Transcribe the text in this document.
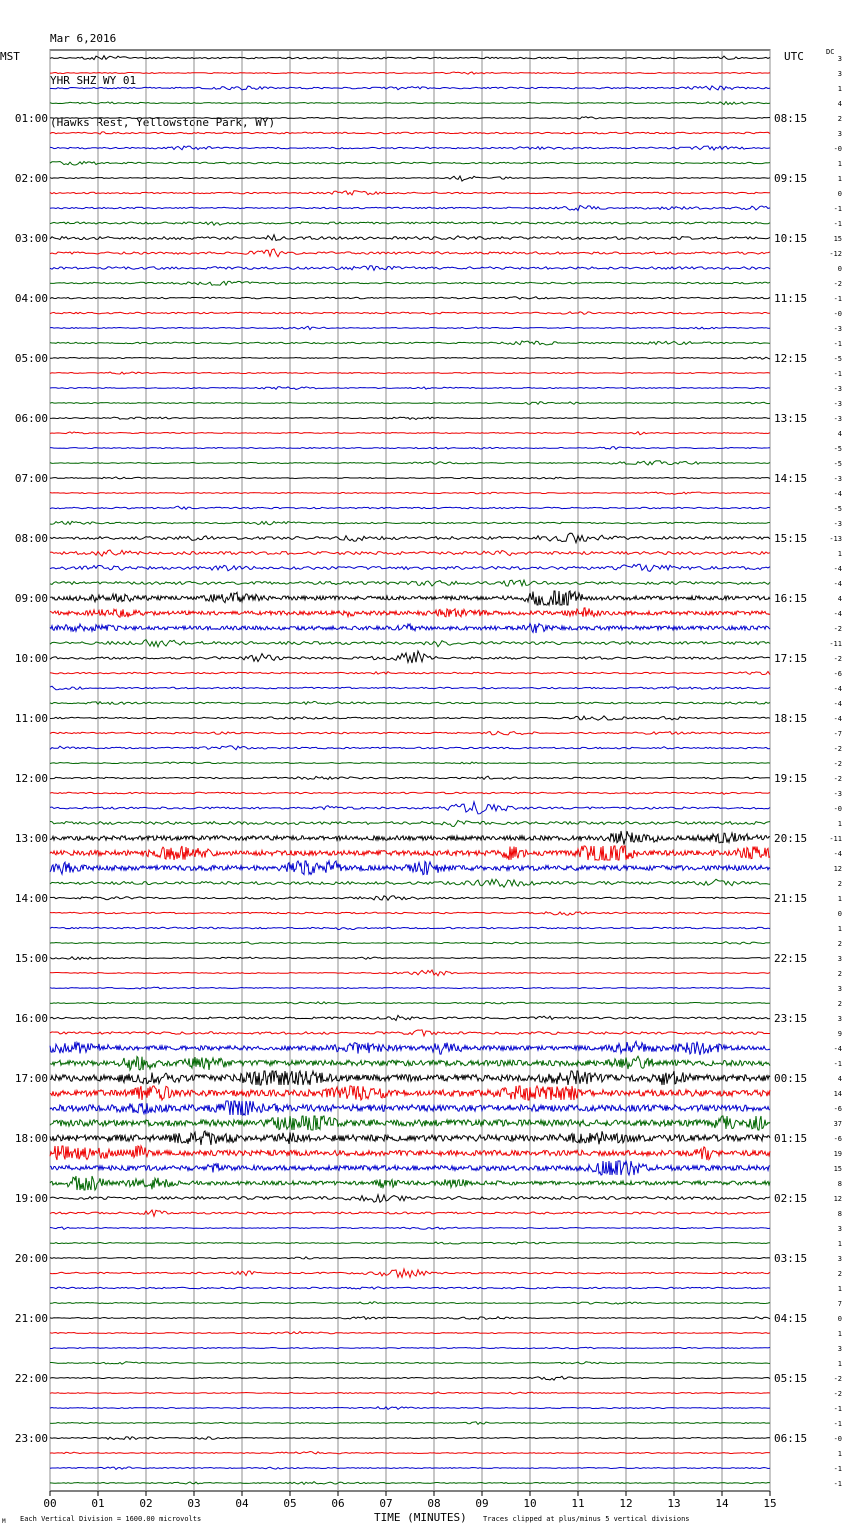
Mar 6,2016

YHR SHZ WY 01

(Hawks Rest, Yellowstone Park, WY)

MST	UTC	DC
00	01	02	03	04	05	06	07	08	09	10	11	12	13	14	15
3
3
1
4
2
3
-0
1
1
0
-1
-1
15
-12
0
-2
-1
-0
-3
-1
-5
-1
-3
-3
-3
4
-5
-5
-3
-4
-5
-3
-13
1
-4
-4
4
-4
-2
-11
-2
-6
-4
-4
-4
-7
-2
-2
-2
-3
-0
1
-11
-4
12
2
1
0
1
2
3
2
3
2
3
9
-4
-1
4
14
-6
37
-6
19
15
8
12
8
3
1
3
2
1
7
0
1
3
1
-2
-2
-1
-1
-0
1
-1
-1
01:00	08:15
02:00	09:15
03:00	10:15
04:00	11:15
05:00	12:15
06:00	13:15
07:00	14:15
08:00	15:15
09:00	16:15
10:00	17:15
11:00	18:15
12:00	19:15
13:00	20:15
14:00	21:15
15:00	22:15
16:00	23:15
17:00	00:15
18:00	01:15
19:00	02:15
20:00	03:15
21:00	04:15
22:00	05:15
23:00	06:15
M Each Vertical Division = 1600.00 microvolts	TIME (MINUTES) Traces clipped at plus/minus 5 vertical divisions
